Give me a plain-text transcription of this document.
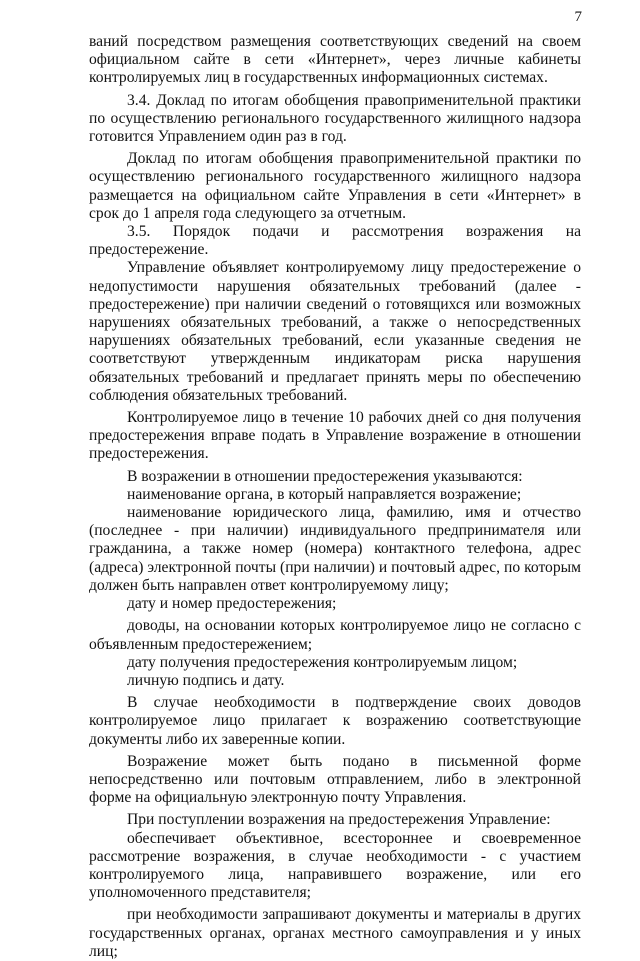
7

ваний посредством размещения соответствующих сведений на своем официальном сайте в сети «Интернет», через личные кабинеты контролируемых лиц в государственных информационных системах.

3.4. Доклад по итогам обобщения правоприменительной практики по осуществлению регионального государственного жилищного надзора готовится Управлением один раз в год.

Доклад по итогам обобщения правоприменительной практики по осуществлению регионального государственного жилищного надзора размещается на официальном сайте Управления в сети «Интернет» в срок до 1 апреля года следующего за отчетным.

3.5. Порядок подачи и рассмотрения возражения на предостережение.

Управление объявляет контролируемому лицу предостережение о недопустимости нарушения обязательных требований (далее - предостережение) при наличии сведений о готовящихся или возможных нарушениях обязательных требований, а также о непосредственных нарушениях обязательных требований, если указанные сведения не соответствуют утвержденным индикаторам риска нарушения обязательных требований и предлагает принять меры по обеспечению соблюдения обязательных требований.

Контролируемое лицо в течение 10 рабочих дней со дня получения предостережения вправе подать в Управление возражение в отношении предостережения.

В возражении в отношении предостережения указываются:

наименование органа, в который направляется возражение;

наименование юридического лица, фамилию, имя и отчество (последнее - при наличии) индивидуального предпринимателя или гражданина, а также номер (номера) контактного телефона, адрес (адреса) электронной почты (при наличии) и почтовый адрес, по которым должен быть направлен ответ контролируемому лицу;

дату и номер предостережения;

доводы, на основании которых контролируемое лицо не согласно с объявленным предостережением;

дату получения предостережения контролируемым лицом;

личную подпись и дату.

В случае необходимости в подтверждение своих доводов контролируемое лицо прилагает к возражению соответствующие документы либо их заверенные копии.

Возражение может быть подано в письменной форме непосредственно или почтовым отправлением, либо в электронной форме на официальную электронную почту Управления.

При поступлении возражения на предостережения Управление:

обеспечивает объективное, всестороннее и своевременное рассмотрение возражения, в случае необходимости - с участием контролируемого лица, направившего возражение, или его уполномоченного представителя;

при необходимости запрашивают документы и материалы в других государственных органах, органах местного самоуправления и у иных лиц;
